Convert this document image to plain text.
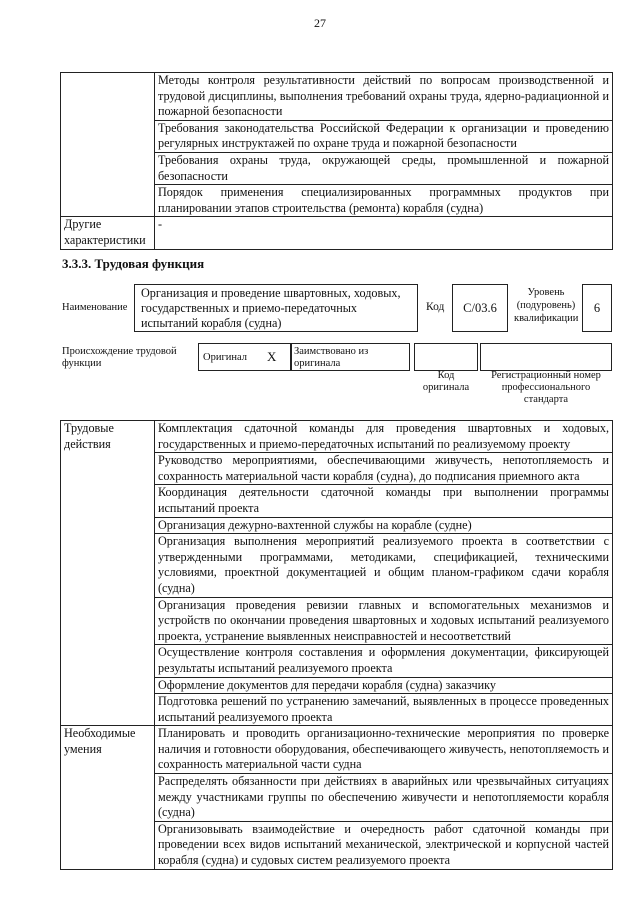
27
	Методы контроля результативности действий по вопросам производственной и трудовой дисциплины, выполнения требований охраны труда, ядерно-радиационной и пожарной безопасности
	Требования законодательства Российской Федерации к организации и проведению регулярных инструктажей по охране труда и пожарной безопасности
	Требования охраны труда, окружающей среды, промышленной и пожарной безопасности
	Порядок применения специализированных программных продуктов при планировании этапов строительства (ремонта) корабля (судна)
Другие характеристики	-
3.3.3. Трудовая функция
Наименование
Организация и проведение швартовных, ходовых, государственных и приемо-передаточных испытаний корабля (судна)
Код	С/03.6
Уровень (подуровень) квалификации
6
Происхождение трудовой функции
Оригинал X	Заимствовано из оригинала
Код оригинала
Регистрационный номер профессионального стандарта
Трудовые действия	Комплектация сдаточной команды для проведения швартовных и ходовых, государственных и приемо-передаточных испытаний по реализуемому проекту
	Руководство мероприятиями, обеспечивающими живучесть, непотопляемость и сохранность материальной части корабля (судна), до подписания приемного акта
	Координация деятельности сдаточной команды при выполнении программы испытаний проекта
	Организация дежурно-вахтенной службы на корабле (судне)
	Организация выполнения мероприятий реализуемого проекта в соответствии с утвержденными программами, методиками, спецификацией, техническими условиями, проектной документацией и общим планом-графиком сдачи корабля (судна)
	Организация проведения ревизии главных и вспомогательных механизмов и устройств по окончании проведения швартовных и ходовых испытаний реализуемого проекта, устранение выявленных неисправностей и несоответствий
	Осуществление контроля составления и оформления документации, фиксирующей результаты испытаний реализуемого проекта
	Оформление документов для передачи корабля (судна) заказчику
	Подготовка решений по устранению замечаний, выявленных в процессе проведенных испытаний реализуемого проекта
Необходимые умения	Планировать и проводить организационно-технические мероприятия по проверке наличия и готовности оборудования, обеспечивающего живучесть, непотопляемость и сохранность материальной части судна
	Распределять обязанности при действиях в аварийных или чрезвычайных ситуациях между участниками группы по обеспечению живучести и непотопляемости корабля (судна)
	Организовывать взаимодействие и очередность работ сдаточной команды при проведении всех видов испытаний механической, электрической и корпусной частей корабля (судна) и судовых систем реализуемого проекта
